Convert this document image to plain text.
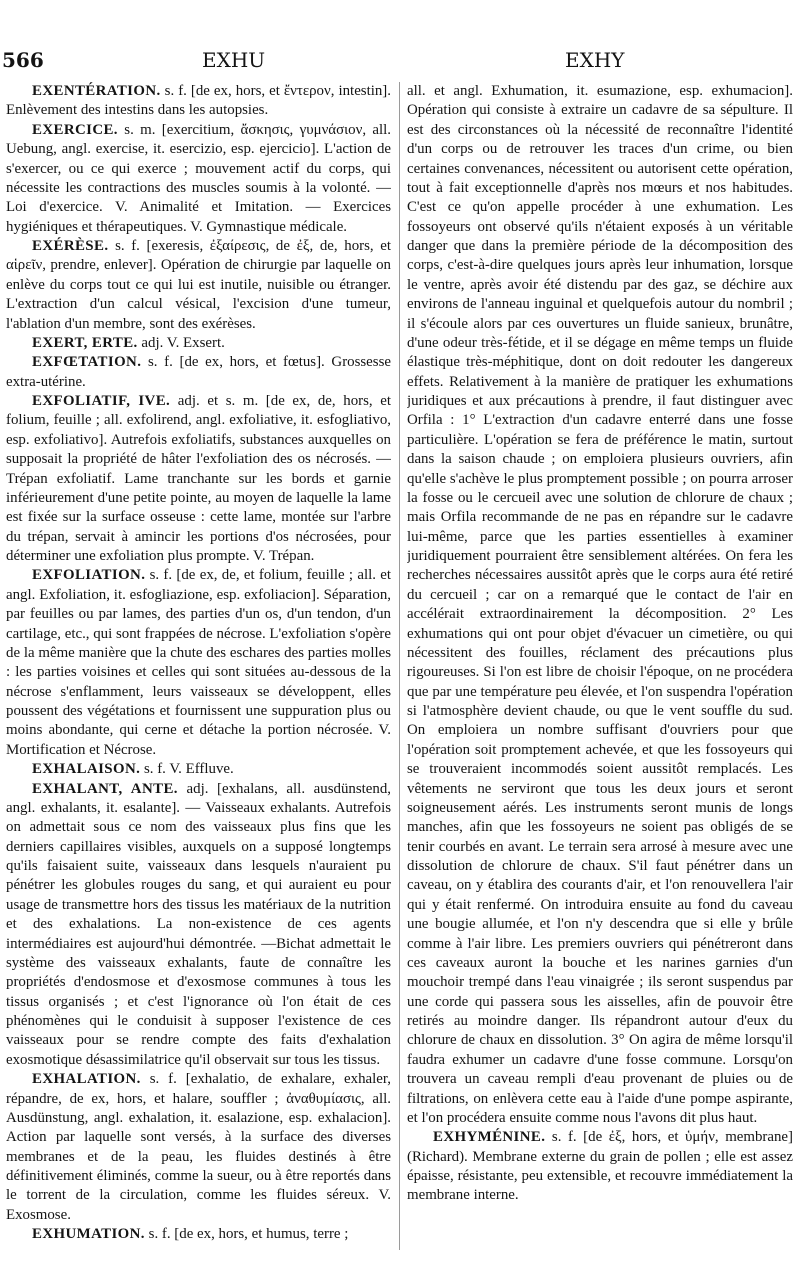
566	EXHU	EXHY

EXENTÉRATION. s. f. [de ex, hors, et ἔντερον, intestin]. Enlèvement des intestins dans les autopsies.

EXERCICE. s. m. [exercitium, ἄσκησις, γυμνάσιον, all. Uebung, angl. exercise, it. esercizio, esp. ejercicio]. L'action de s'exercer, ou ce qui exerce ; mouvement actif du corps, qui nécessite les contractions des muscles soumis à la volonté. — Loi d'exercice. V. Animalité et Imitation. — Exercices hygiéniques et thérapeutiques. V. Gymnastique médicale.

EXÉRÈSE. s. f. [exeresis, ἐξαίρεσις, de ἐξ, de, hors, et αἱρεῖν, prendre, enlever]. Opération de chirurgie par laquelle on enlève du corps tout ce qui lui est inutile, nuisible ou étranger. L'extraction d'un calcul vésical, l'excision d'une tumeur, l'ablation d'un membre, sont des exérèses.

EXERT, ERTE. adj. V. Exsert.

EXFŒTATION. s. f. [de ex, hors, et fœtus]. Grossesse extra-utérine.

EXFOLIATIF, IVE. adj. et s. m. [de ex, de, hors, et folium, feuille ; all. exfolirend, angl. exfoliative, it. esfogliativo, esp. exfoliativo]. Autrefois exfoliatifs, substances auxquelles on supposait la propriété de hâter l'exfoliation des os nécrosés. — Trépan exfoliatif. Lame tranchante sur les bords et garnie inférieurement d'une petite pointe, au moyen de laquelle la lame est fixée sur la surface osseuse : cette lame, montée sur l'arbre du trépan, servait à amincir les portions d'os nécrosées, pour déterminer une exfoliation plus prompte. V. Trépan.

EXFOLIATION. s. f. [de ex, de, et folium, feuille ; all. et angl. Exfoliation, it. esfogliazione, esp. exfoliacion]. Séparation, par feuilles ou par lames, des parties d'un os, d'un tendon, d'un cartilage, etc., qui sont frappées de nécrose. L'exfoliation s'opère de la même manière que la chute des eschares des parties molles : les parties voisines et celles qui sont situées au-dessous de la nécrose s'enflamment, leurs vaisseaux se développent, elles poussent des végétations et fournissent une suppuration plus ou moins abondante, qui cerne et détache la portion nécrosée. V. Mortification et Nécrose.

EXHALAISON. s. f. V. Effluve.

EXHALANT, ANTE. adj. [exhalans, all. ausdünstend, angl. exhalants, it. esalante]. — Vaisseaux exhalants. Autrefois on admettait sous ce nom des vaisseaux plus fins que les derniers capillaires visibles, auxquels on a supposé longtemps qu'ils faisaient suite, vaisseaux dans lesquels n'auraient pu pénétrer les globules rouges du sang, et qui auraient eu pour usage de transmettre hors des tissus les matériaux de la nutrition et des exhalations. La non-existence de ces agents intermédiaires est aujourd'hui démontrée. —Bichat admettait le système des vaisseaux exhalants, faute de connaître les propriétés d'endosmose et d'exosmose communes à tous les tissus organisés ; et c'est l'ignorance où l'on était de ces phénomènes qui le conduisit à supposer l'existence de ces vaisseaux pour se rendre compte des faits d'exhalation exosmotique désassimilatrice qu'il observait sur tous les tissus.

EXHALATION. s. f. [exhalatio, de exhalare, exhaler, répandre, de ex, hors, et halare, souffler ; ἀναθυμίασις, all. Ausdünstung, angl. exhalation, it. esalazione, esp. exhalacion]. Action par laquelle sont versés, à la surface des diverses membranes et de la peau, les fluides destinés à être définitivement éliminés, comme la sueur, ou à être reportés dans le torrent de la circulation, comme les fluides séreux. V. Exosmose.

EXHUMATION. s. f. [de ex, hors, et humus, terre ;

all. et angl. Exhumation, it. esumazione, esp. exhumacion]. Opération qui consiste à extraire un cadavre de sa sépulture. Il est des circonstances où la nécessité de reconnaître l'identité d'un corps ou de retrouver les traces d'un crime, ou bien certaines convenances, nécessitent ou autorisent cette opération, tout à fait exceptionnelle d'après nos mœurs et nos habitudes. C'est ce qu'on appelle procéder à une exhumation. Les fossoyeurs ont observé qu'ils n'étaient exposés à un véritable danger que dans la première période de la décomposition des corps, c'est-à-dire quelques jours après leur inhumation, lorsque le ventre, après avoir été distendu par des gaz, se déchire aux environs de l'anneau inguinal et quelquefois autour du nombril ; il s'écoule alors par ces ouvertures un fluide sanieux, brunâtre, d'une odeur très-fétide, et il se dégage en même temps un fluide élastique très-méphitique, dont on doit redouter les dangereux effets. Relativement à la manière de pratiquer les exhumations juridiques et aux précautions à prendre, il faut distinguer avec Orfila : 1° L'extraction d'un cadavre enterré dans une fosse particulière. L'opération se fera de préférence le matin, surtout dans la saison chaude ; on emploiera plusieurs ouvriers, afin qu'elle s'achève le plus promptement possible ; on pourra arroser la fosse ou le cercueil avec une solution de chlorure de chaux ; mais Orfila recommande de ne pas en répandre sur le cadavre lui-même, parce que les parties essentielles à examiner juridiquement pourraient être sensiblement altérées. On fera les recherches nécessaires aussitôt après que le corps aura été retiré du cercueil ; car on a remarqué que le contact de l'air en accélérait extraordinairement la décomposition. 2° Les exhumations qui ont pour objet d'évacuer un cimetière, ou qui nécessitent des fouilles, réclament des précautions plus rigoureuses. Si l'on est libre de choisir l'époque, on ne procédera que par une température peu élevée, et l'on suspendra l'opération si l'atmosphère devient chaude, ou que le vent souffle du sud. On emploiera un nombre suffisant d'ouvriers pour que l'opération soit promptement achevée, et que les fossoyeurs qui se trouveraient incommodés soient aussitôt remplacés. Les vêtements ne serviront que tous les deux jours et seront soigneusement aérés. Les instruments seront munis de longs manches, afin que les fossoyeurs ne soient pas obligés de se tenir courbés en avant. Le terrain sera arrosé à mesure avec une dissolution de chlorure de chaux. S'il faut pénétrer dans un caveau, on y établira des courants d'air, et l'on renouvellera l'air qui y était renfermé. On introduira ensuite au fond du caveau une bougie allumée, et l'on n'y descendra que si elle y brûle comme à l'air libre. Les premiers ouvriers qui pénétreront dans ces caveaux auront la bouche et les narines garnies d'un mouchoir trempé dans l'eau vinaigrée ; ils seront suspendus par une corde qui passera sous les aisselles, afin de pouvoir être retirés au moindre danger. Ils répandront autour d'eux du chlorure de chaux en dissolution. 3° On agira de même lorsqu'il faudra exhumer un cadavre d'une fosse commune. Lorsqu'on trouvera un caveau rempli d'eau provenant de pluies ou de filtrations, on enlèvera cette eau à l'aide d'une pompe aspirante, et l'on procédera ensuite comme nous l'avons dit plus haut.

EXHYMÉNINE. s. f. [de ἐξ, hors, et ὑμήν, membrane] (Richard). Membrane externe du grain de pollen ; elle est assez épaisse, résistante, peu extensible, et recouvre immédiatement la membrane interne.
